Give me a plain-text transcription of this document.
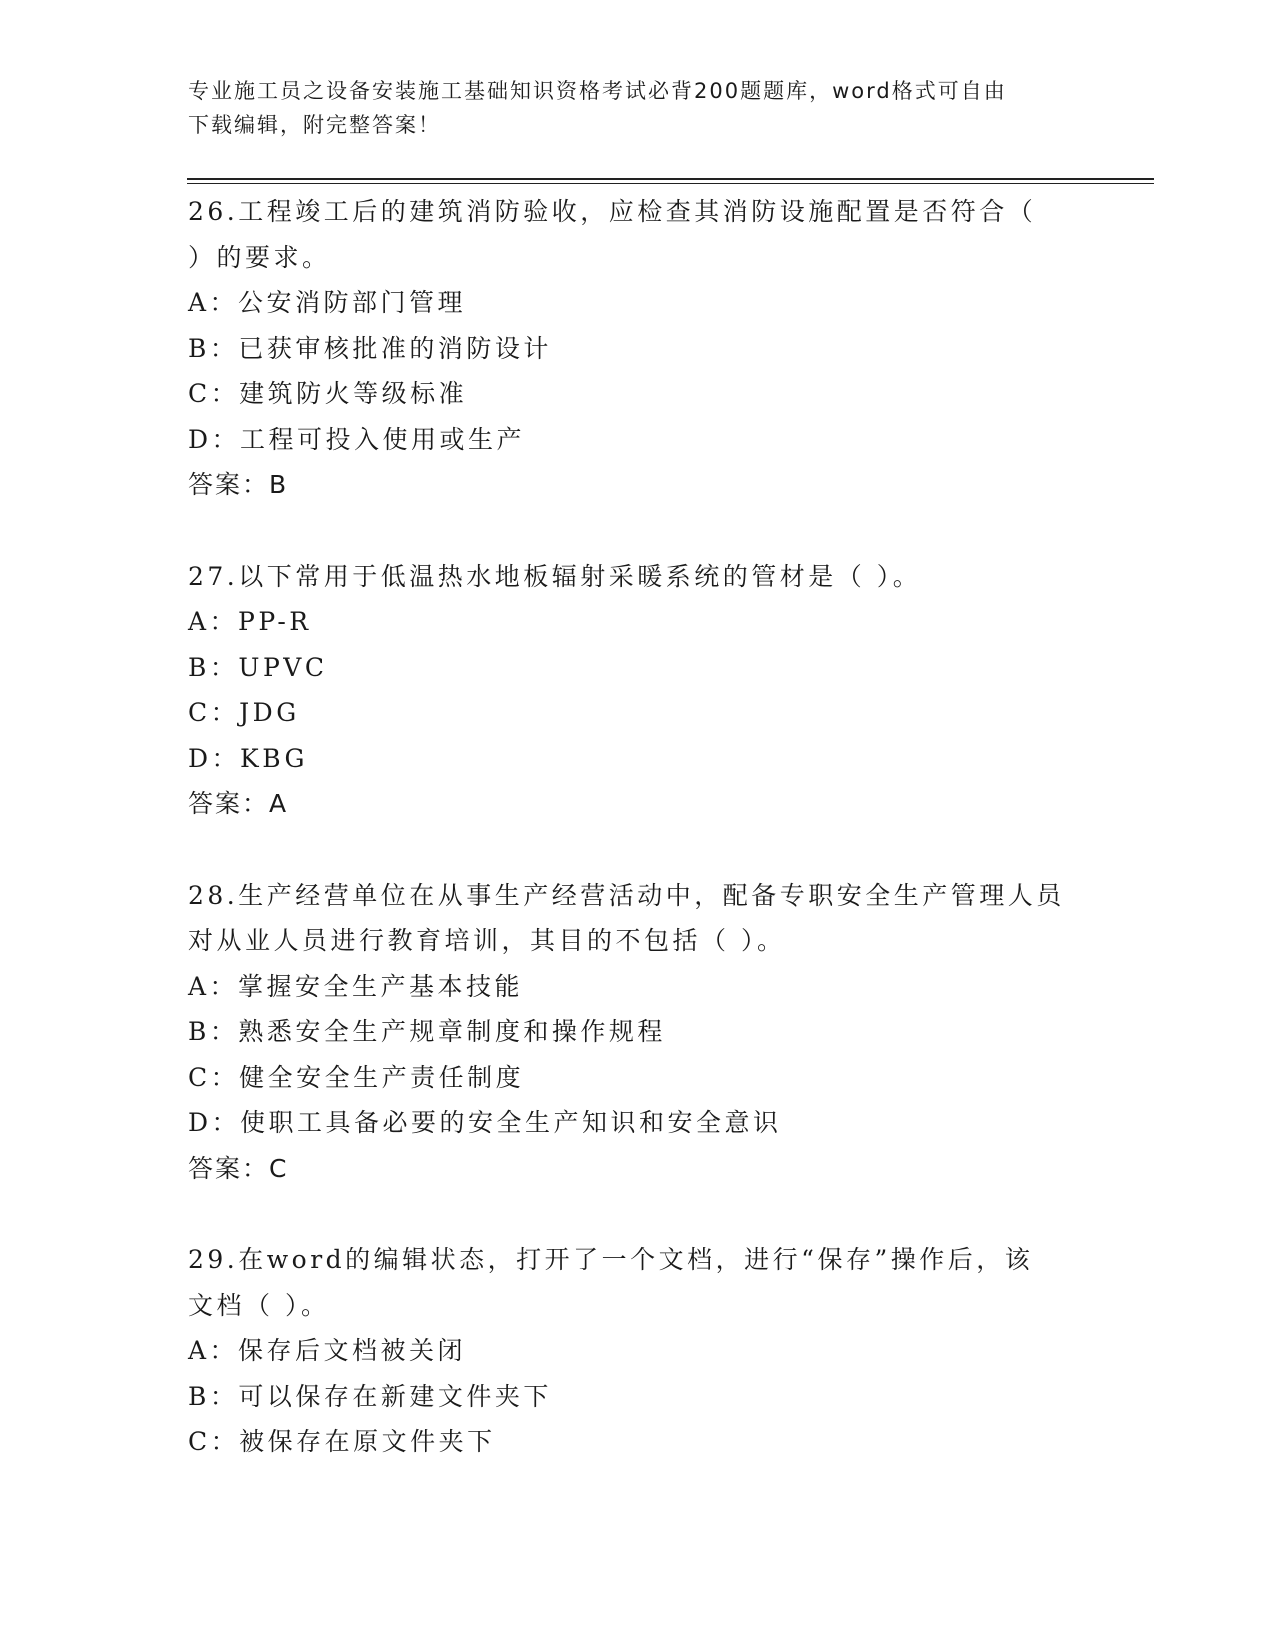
专业施工员之设备安装施工基础知识资格考试必背200题题库，word格式可自由
下载编辑，附完整答案！
26.工程竣工后的建筑消防验收，应检查其消防设施配置是否符合（
）的要求。
A：公安消防部门管理
B：已获审核批准的消防设计
C：建筑防火等级标准
D：工程可投入使用或生产
答案：B
27.以下常用于低温热水地板辐射采暖系统的管材是（ ）。
A：PP-R
B：UPVC
C：JDG
D：KBG
答案：A
28.生产经营单位在从事生产经营活动中，配备专职安全生产管理人员
对从业人员进行教育培训，其目的不包括（ ）。
A：掌握安全生产基本技能
B：熟悉安全生产规章制度和操作规程
C：健全安全生产责任制度
D：使职工具备必要的安全生产知识和安全意识
答案：C
29.在word的编辑状态，打开了一个文档，进行“保存”操作后，该
文档（ ）。
A：保存后文档被关闭
B：可以保存在新建文件夹下
C：被保存在原文件夹下
